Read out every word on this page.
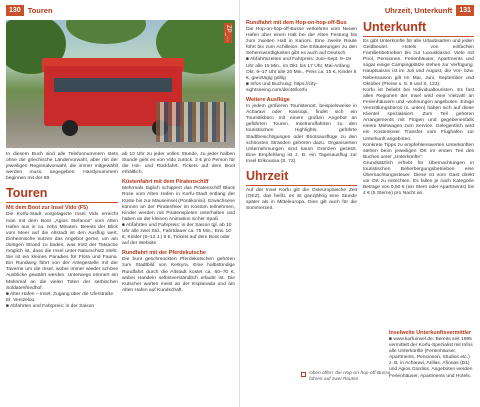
130 Touren
ZP_...

In diesem Buch sind alle Telefonnummern stets ohne die griechische Ländervorwahl, aber mit der jeweiligen Regionalvorwahl, die immer mitgewählt werden muss, angegeben. Handynummern beginnen mit der 69.

Touren
Mit dem Boot zur Insel Vido (F5)

Die Korfu-Stadt vorgelagerte Insel Vido erreicht man mit dem Boot „Agios Stefanos“ vom Alten Hafen aus in ca. zehn Minuten. Bereits der Blick vom Meer auf die Altstadt ist den Ausflug wert. Einheimische nutzen das Angebot gerne, um am dortigen Strand zu baden, was trotz der Tatsache möglich ist, dass die Insel unter Naturschutz steht. Sie ist ein kleines Paradies für Flora und Fauna. Ein Rundweg führt von der Anlegestelle mit der Taverne um die Insel, wobei immer wieder schöne Ausblicke gewährt werden. Unterwegs erinnert ein Mahnmal an die vielen Toten der serbischen Soldatenfriedhof.

■ Alter Hafen – Insel, Zugang über die Uferstraße El. Venizelou

■ Abfahrten und Fahrpreis: in der Saison

ab 10 Uhr zu jeder vollen Stunde, zu jeder halben Stunde geht es von Vido zurück. 3 € pro Person für die Hin- und Rückfahrt. Tickets auf dem Boot erhältlich.

Küstenfahrt mit dem Piratenschiff

Mehrmals täglich schippert das Piratenschiff Black Rose vom Alten Hafen in Korfu-Stadt entlang der Küste bis zur Mäuseinsel (Pontikonisi). Erwachsene können an der Piratenfeier im Kostüm teilnehmen, Kinder werden mit Piratenspielen unterhalten und haben an der kleinen Animation sicher Spaß.

■ Abfahrten und Fahrpreis: in der Saison tgl. ab 10 Uhr alle zwei Std., Fahrtdauer ca. 75 Min., Erw. 10 €, Kinder (6–12 J.) 6 €, Tickets auf dem Boot oder auf der Website

Rundfahrt mit der Pferdekutsche

Die bunt geschmückten Pferdekutschen gehören zum Stadtbild von Kerkyra. Eine halbstündige Rundfahrt durch die Altstadt kostet ca. 60–70 €, wobei Handeln selbstverständlich erlaubt ist. Die Kutscher warten meist an der Esplanada und am Alten Hafen auf Kundschaft.

Uhrzeit, Unterkunft	131
Rundfahrt mit dem Hop-on-hop-off-Bus

Die Hop-on-hop-off-Busse verkehren vom Neuen Hafen über einen Halt bei der Alten Festung bis zum zweiten Halt in Kanoni. Eine zweite Route führt bis zum Achilleion. Die Erläuterungen zu den Sehenswürdigkeiten gibt es auch auf Deutsch.

■ Abfahrtszeiten und Fahrpreis: Juni–Sept. 9–19 Uhr alle 15 Min., im Okt. bis 17 Uhr, Mai-Anfang Okt. 9–17 Uhr alle 20 Min., Preis ca. 15 €, Kinder 8 €, ganztägig gültig

■ Infos und Buchung: https://city-sightseeing.com/de/46/korfu

Weitere Ausflüge

In jedem größeren Touristenort, beispielsweise in Acharavi oder Kassiopi, findet sich ein Touristikbüro mit einem großen Angebot an geführten Touren. Inselrundfahrten zu den touristischen Highlights, geführte Stadtbesichtigungen oder Bootsausflüge zu den schönsten Stränden gehören dazu. Organisierten Unternehmungen sind kaum Grenzen gesetzt. Eine Empfehlung ist z. B. ein Tagesausflug zur Insel Erikoussa (S. 72).

Uhrzeit

Auf der Insel Korfu gilt die Osteuropäische Zeit (OEZ), das heißt, es ist ganzjährig eine Stunde später als in Mitteleuropa. Dies gilt auch für die Sommerzeit.

Unterkunft

Es gibt Unterkünfte für alle Urlaubsarten und jeden Geldbeutel. Hotels von einfachen Familienbetrieben bis zur Luxusklasse. Viele mit Pool, Pensionen, Ferienhäuser, Apartments und sogar einige Campingplätze stehen zur Verfügung. Hauptsaison ist im Juli und August, die Vor- bzw. Nebensaison gilt im Mai, Juni, September und Oktober (Preise s. S. 8 und S. 123).

Korfu ist beliebt bei Individualtouristen. Es fast allen Regionen der Insel wird eine Vielzahl an Ferienhäusern und -wohnungen angeboten. Einige Vermittlungsbüros (s. unten) haben sich auf diese Klientel spezialisiert. Zum Teil gehören Arrangements mit Flügen und gegebenenfalls einem Mietwagen zum Service. Gelegentlich wird ein Kostenloser Transfer vom Flughafen zur Unterkunft angeboten.

Konkrete Tipps zu empfehlenswerten Unterkünften stehen beim jeweiligen Ort im ersten Teil des Buches unter „Unterkünfte“.

Grundsätzlich erhebt für Übernachtungen in touristischen Beherbergungsbetrieben eine Übernachtungssteuer. Diese ist vom Gast direkt vor Ort zu entrichten. Es fallen je nach Kategorie Beträge von 0,50 € (ein Stern oder Apartments) bis 4 € (5 Sterne) pro Nacht an.

Oben offen: die Hop-on-hop-off-Busse fahren auf zwei Routen
Inselweite Unterkunftsvermittler

■ www.korfuinsel.de: Bereits seit 1995 vermittelt der Korfu-Spezialist mit Infos alle Unterkünfte (Ferienhäuser, Apartments, Pensionen, Studios etc.) z. B. in Acharavi, Arillas, Afionas (D1) und Agios Gordios. Angeboten werden Ferienhäuser, Apartments und Hotels.
